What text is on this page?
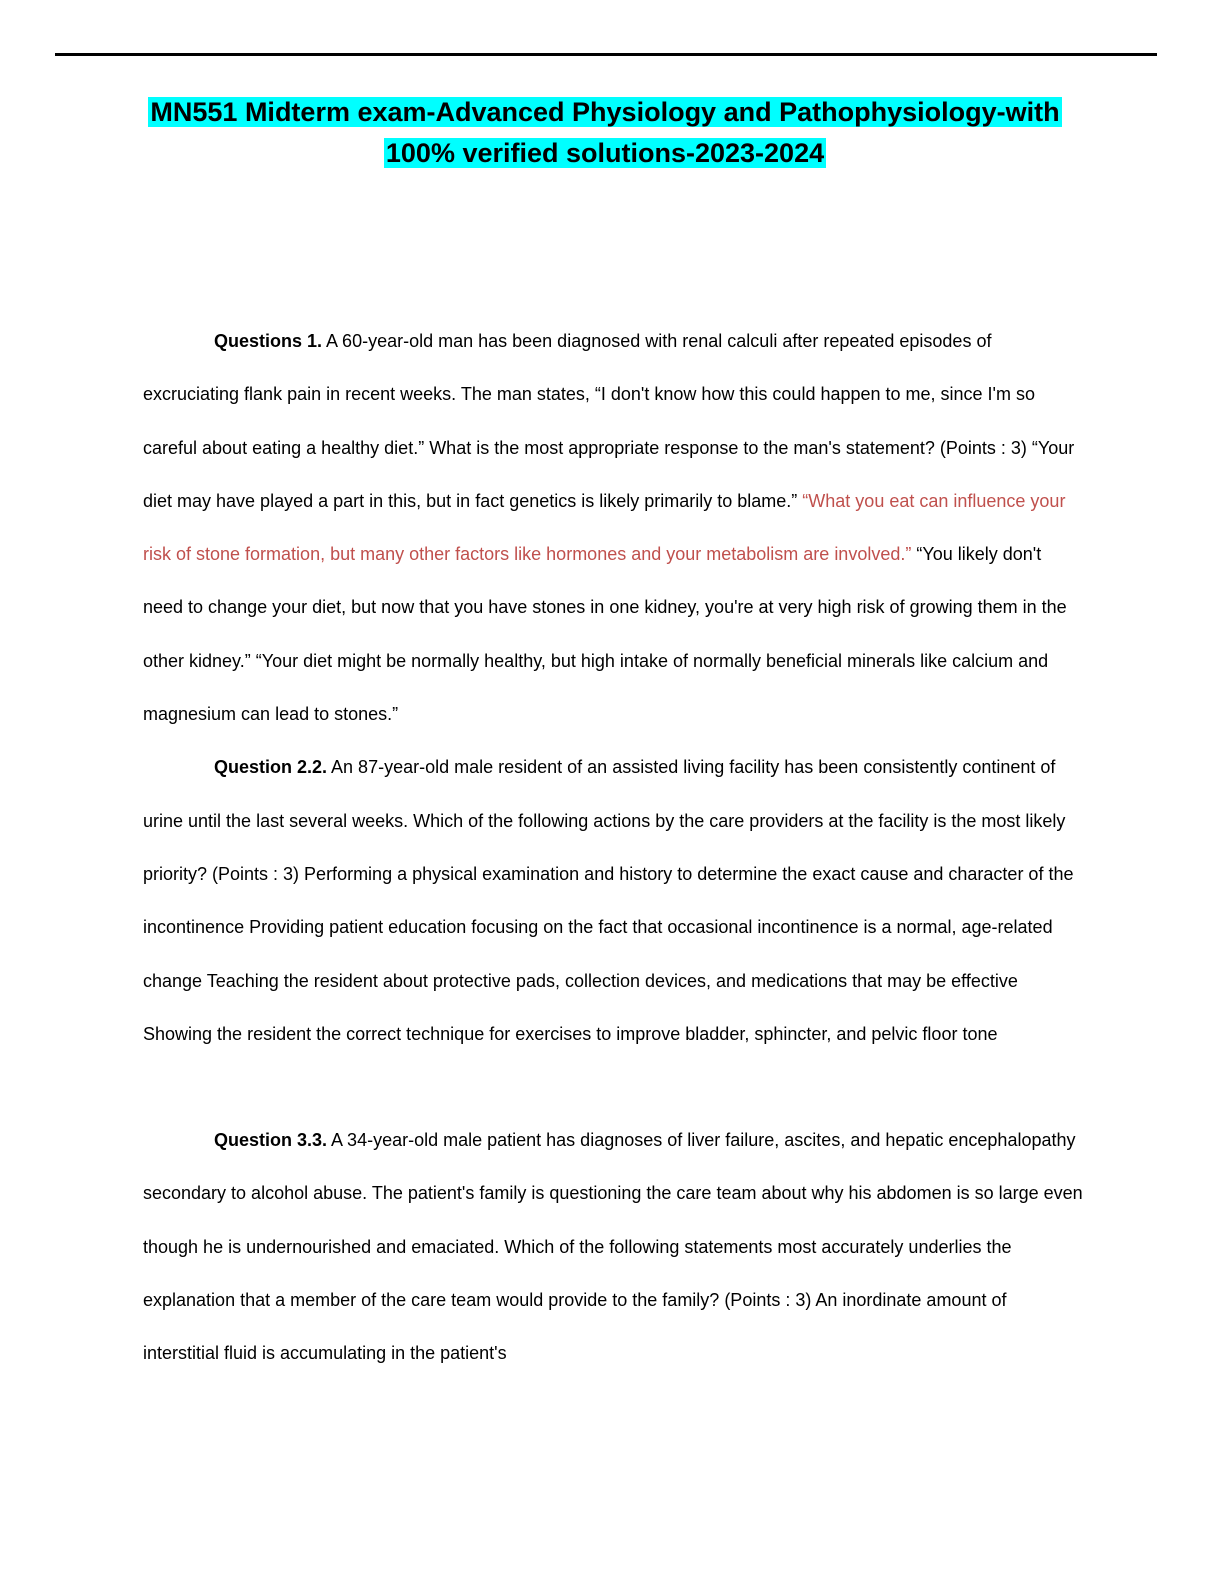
MN551 Midterm exam-Advanced Physiology and Pathophysiology-with
100% verified solutions-2023-2024

Questions 1. A 60-year-old man has been diagnosed with renal calculi after repeated episodes of excruciating flank pain in recent weeks. The man states, “I don't know how this could happen to me, since I'm so careful about eating a healthy diet.” What is the most appropriate response to the man's statement? (Points : 3) “Your diet may have played a part in this, but in fact genetics is likely primarily to blame.” “What you eat can influence your risk of stone formation, but many other factors like hormones and your metabolism are involved.” “You likely don't need to change your diet, but now that you have stones in one kidney, you're at very high risk of growing them in the other kidney.” “Your diet might be normally healthy, but high intake of normally beneficial minerals like calcium and magnesium can lead to stones.”

Question 2.2. An 87-year-old male resident of an assisted living facility has been consistently continent of urine until the last several weeks. Which of the following actions by the care providers at the facility is the most likely priority? (Points : 3) Performing a physical examination and history to determine the exact cause and character of the incontinence Providing patient education focusing on the fact that occasional incontinence is a normal, age-related change Teaching the resident about protective pads, collection devices, and medications that may be effective Showing the resident the correct technique for exercises to improve bladder, sphincter, and pelvic floor tone

Question 3.3. A 34-year-old male patient has diagnoses of liver failure, ascites, and hepatic encephalopathy secondary to alcohol abuse. The patient's family is questioning the care team about why his abdomen is so large even though he is undernourished and emaciated. Which of the following statements most accurately underlies the explanation that a member of the care team would provide to the family? (Points : 3) An inordinate amount of interstitial fluid is accumulating in the patient's
